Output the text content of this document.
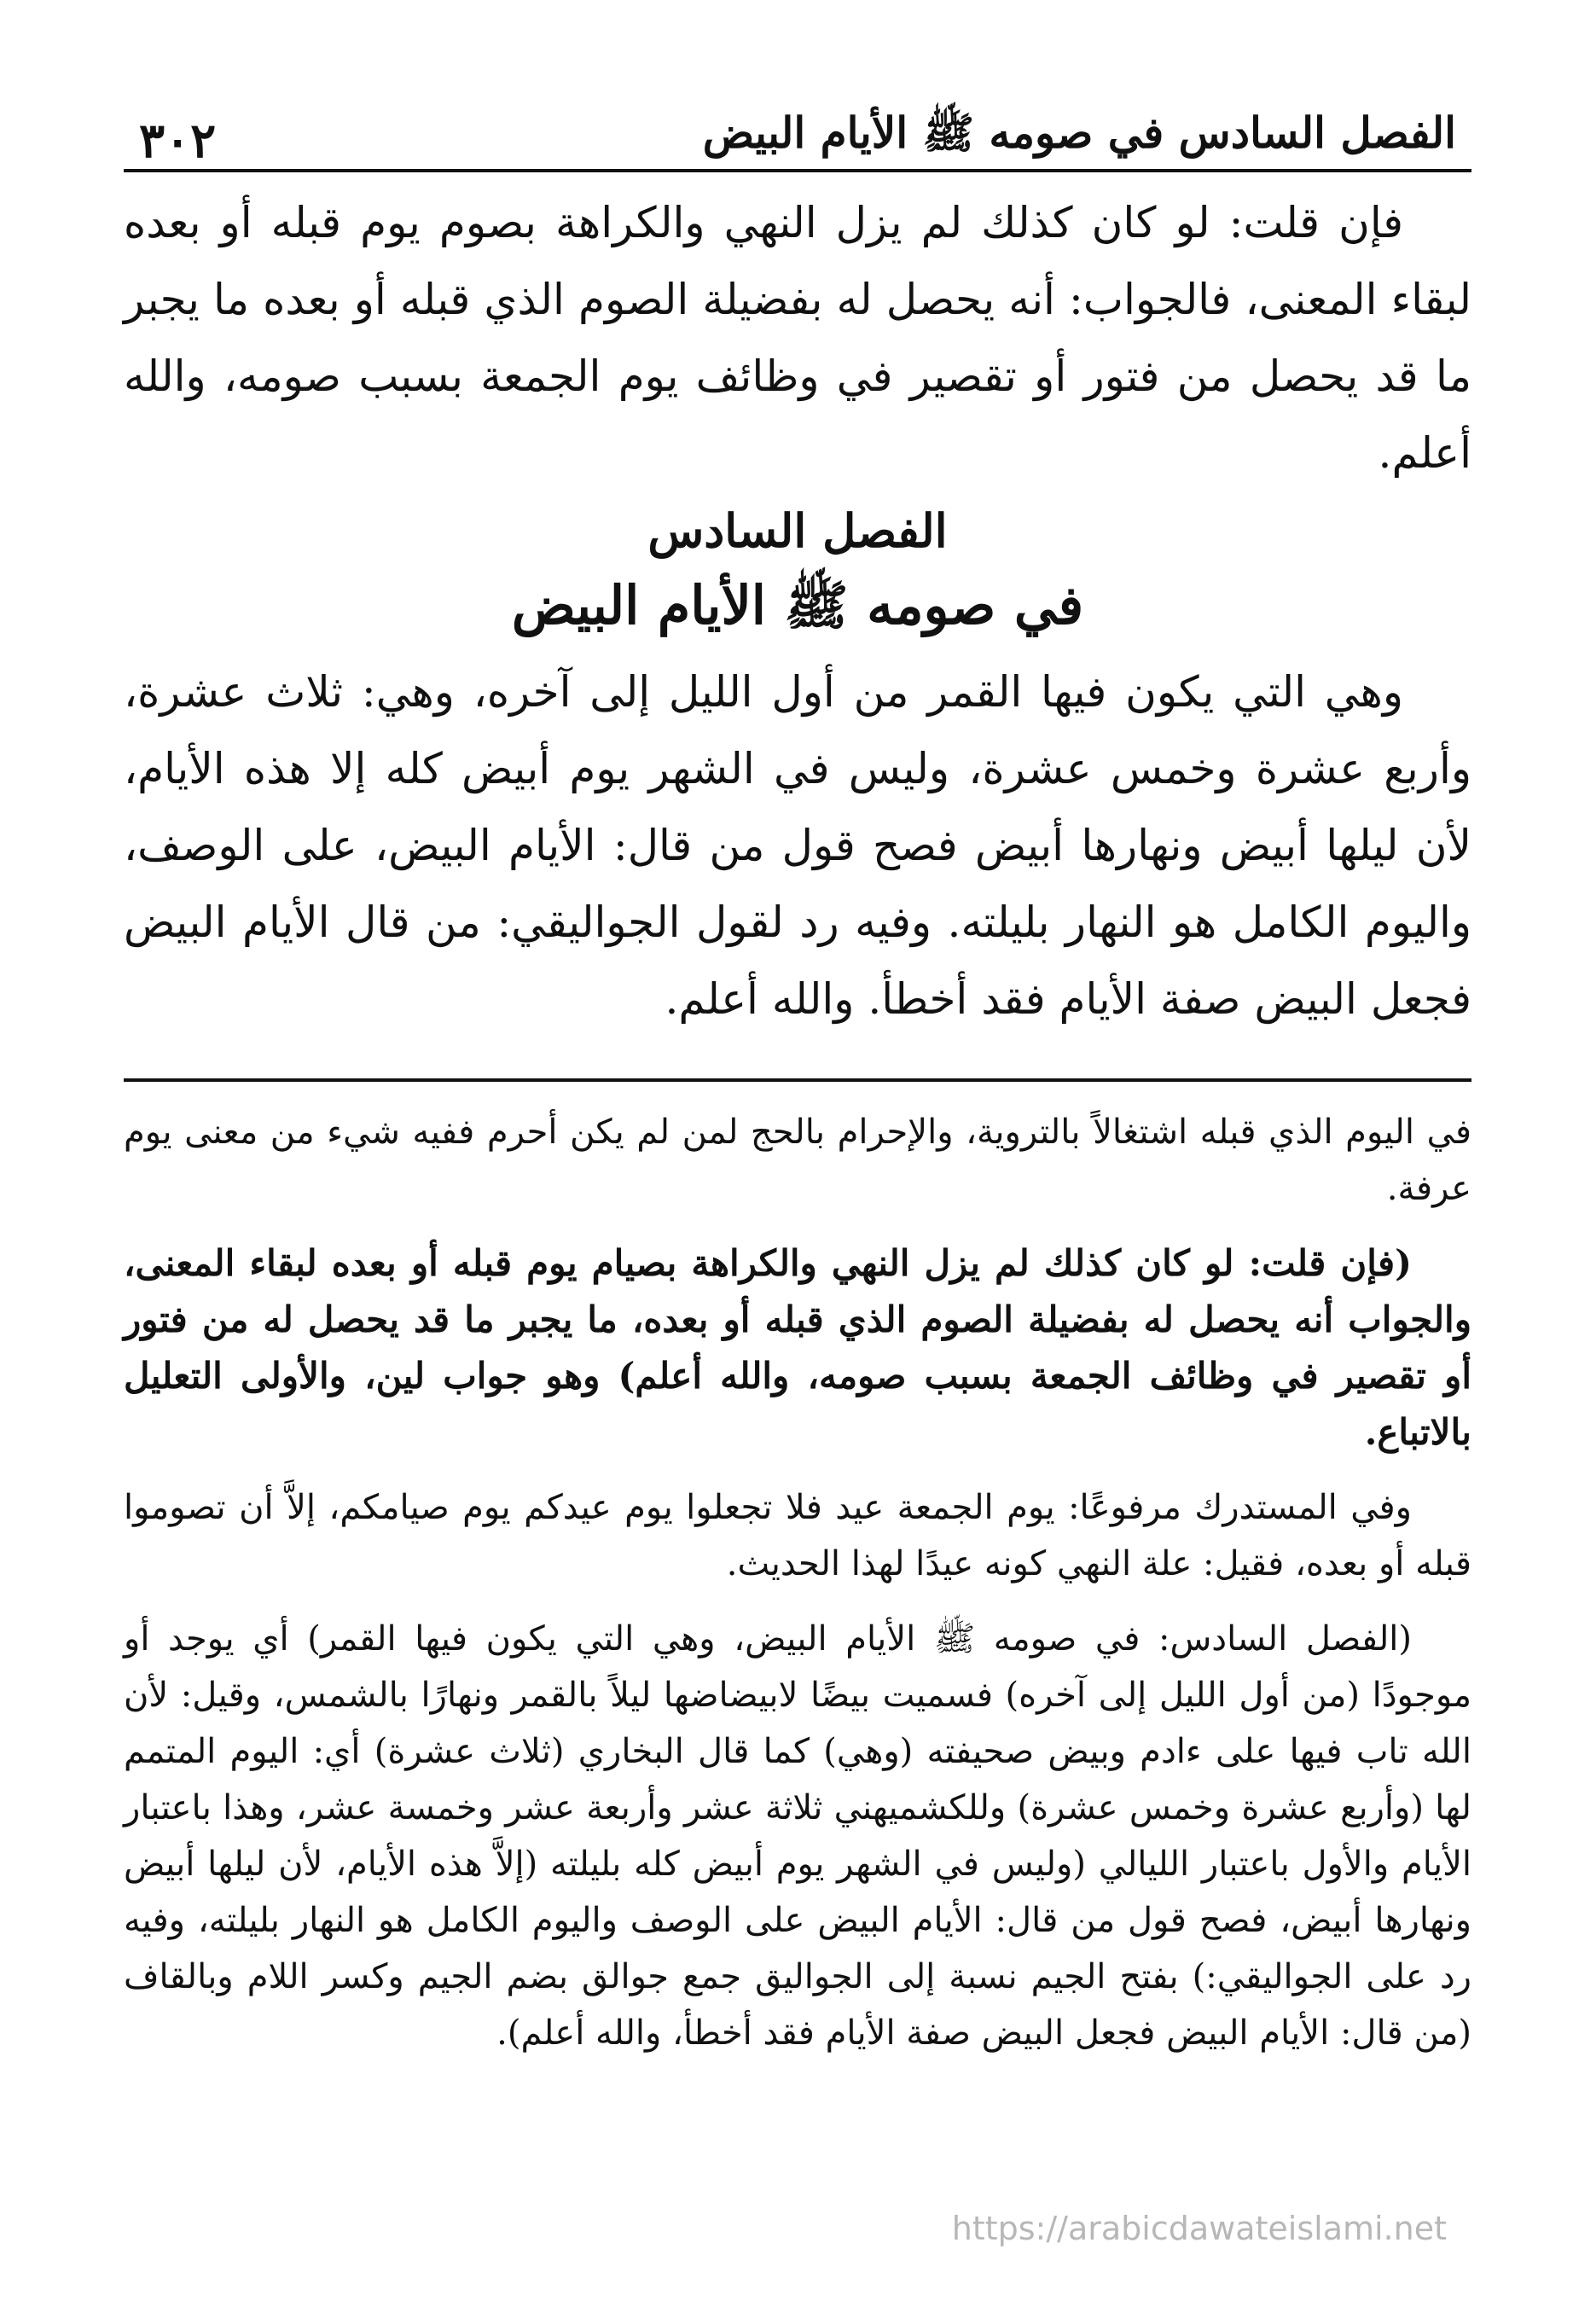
الفصل السادس في صومه ﷺ الأيام البيض
٣٠٢

فإن قلت: لو كان كذلك لم يزل النهي والكراهة بصوم يوم قبله أو بعده لبقاء المعنى، فالجواب: أنه يحصل له بفضيلة الصوم الذي قبله أو بعده ما يجبر ما قد يحصل من فتور أو تقصير في وظائف يوم الجمعة بسبب صومه، والله أعلم.

الفصل السادس
في صومه ﷺ الأيام البيض

وهي التي يكون فيها القمر من أول الليل إلى آخره، وهي: ثلاث عشرة، وأربع عشرة وخمس عشرة، وليس في الشهر يوم أبيض كله إلا هذه الأيام، لأن ليلها أبيض ونهارها أبيض فصح قول من قال: الأيام البيض، على الوصف، واليوم الكامل هو النهار بليلته. وفيه رد لقول الجواليقي: من قال الأيام البيض فجعل البيض صفة الأيام فقد أخطأ. والله أعلم.

في اليوم الذي قبله اشتغالاً بالتروية، والإحرام بالحج لمن لم يكن أحرم ففيه شيء من معنى يوم عرفة.

(فإن قلت: لو كان كذلك لم يزل النهي والكراهة بصيام يوم قبله أو بعده لبقاء المعنى، والجواب أنه يحصل له بفضيلة الصوم الذي قبله أو بعده، ما يجبر ما قد يحصل له من فتور أو تقصير في وظائف الجمعة بسبب صومه، والله أعلم) وهو جواب لين، والأولى التعليل بالاتباع.

وفي المستدرك مرفوعًا: يوم الجمعة عيد فلا تجعلوا يوم عيدكم يوم صيامكم، إلاَّ أن تصوموا قبله أو بعده، فقيل: علة النهي كونه عيدًا لهذا الحديث.

(الفصل السادس: في صومه ﷺ الأيام البيض، وهي التي يكون فيها القمر) أي يوجد أو موجودًا (من أول الليل إلى آخره) فسميت بيضًا لابيضاضها ليلاً بالقمر ونهارًا بالشمس، وقيل: لأن الله تاب فيها على ءادم وبيض صحيفته (وهي) كما قال البخاري (ثلاث عشرة) أي: اليوم المتمم لها (وأربع عشرة وخمس عشرة) وللكشميهني ثلاثة عشر وأربعة عشر وخمسة عشر، وهذا باعتبار الأيام والأول باعتبار الليالي (وليس في الشهر يوم أبيض كله بليلته (إلاَّ هذه الأيام، لأن ليلها أبيض ونهارها أبيض، فصح قول من قال: الأيام البيض على الوصف واليوم الكامل هو النهار بليلته، وفيه رد على الجواليقي:) بفتح الجيم نسبة إلى الجواليق جمع جوالق بضم الجيم وكسر اللام وبالقاف (من قال: الأيام البيض فجعل البيض صفة الأيام فقد أخطأ، والله أعلم).

https://arabicdawateislami.net
